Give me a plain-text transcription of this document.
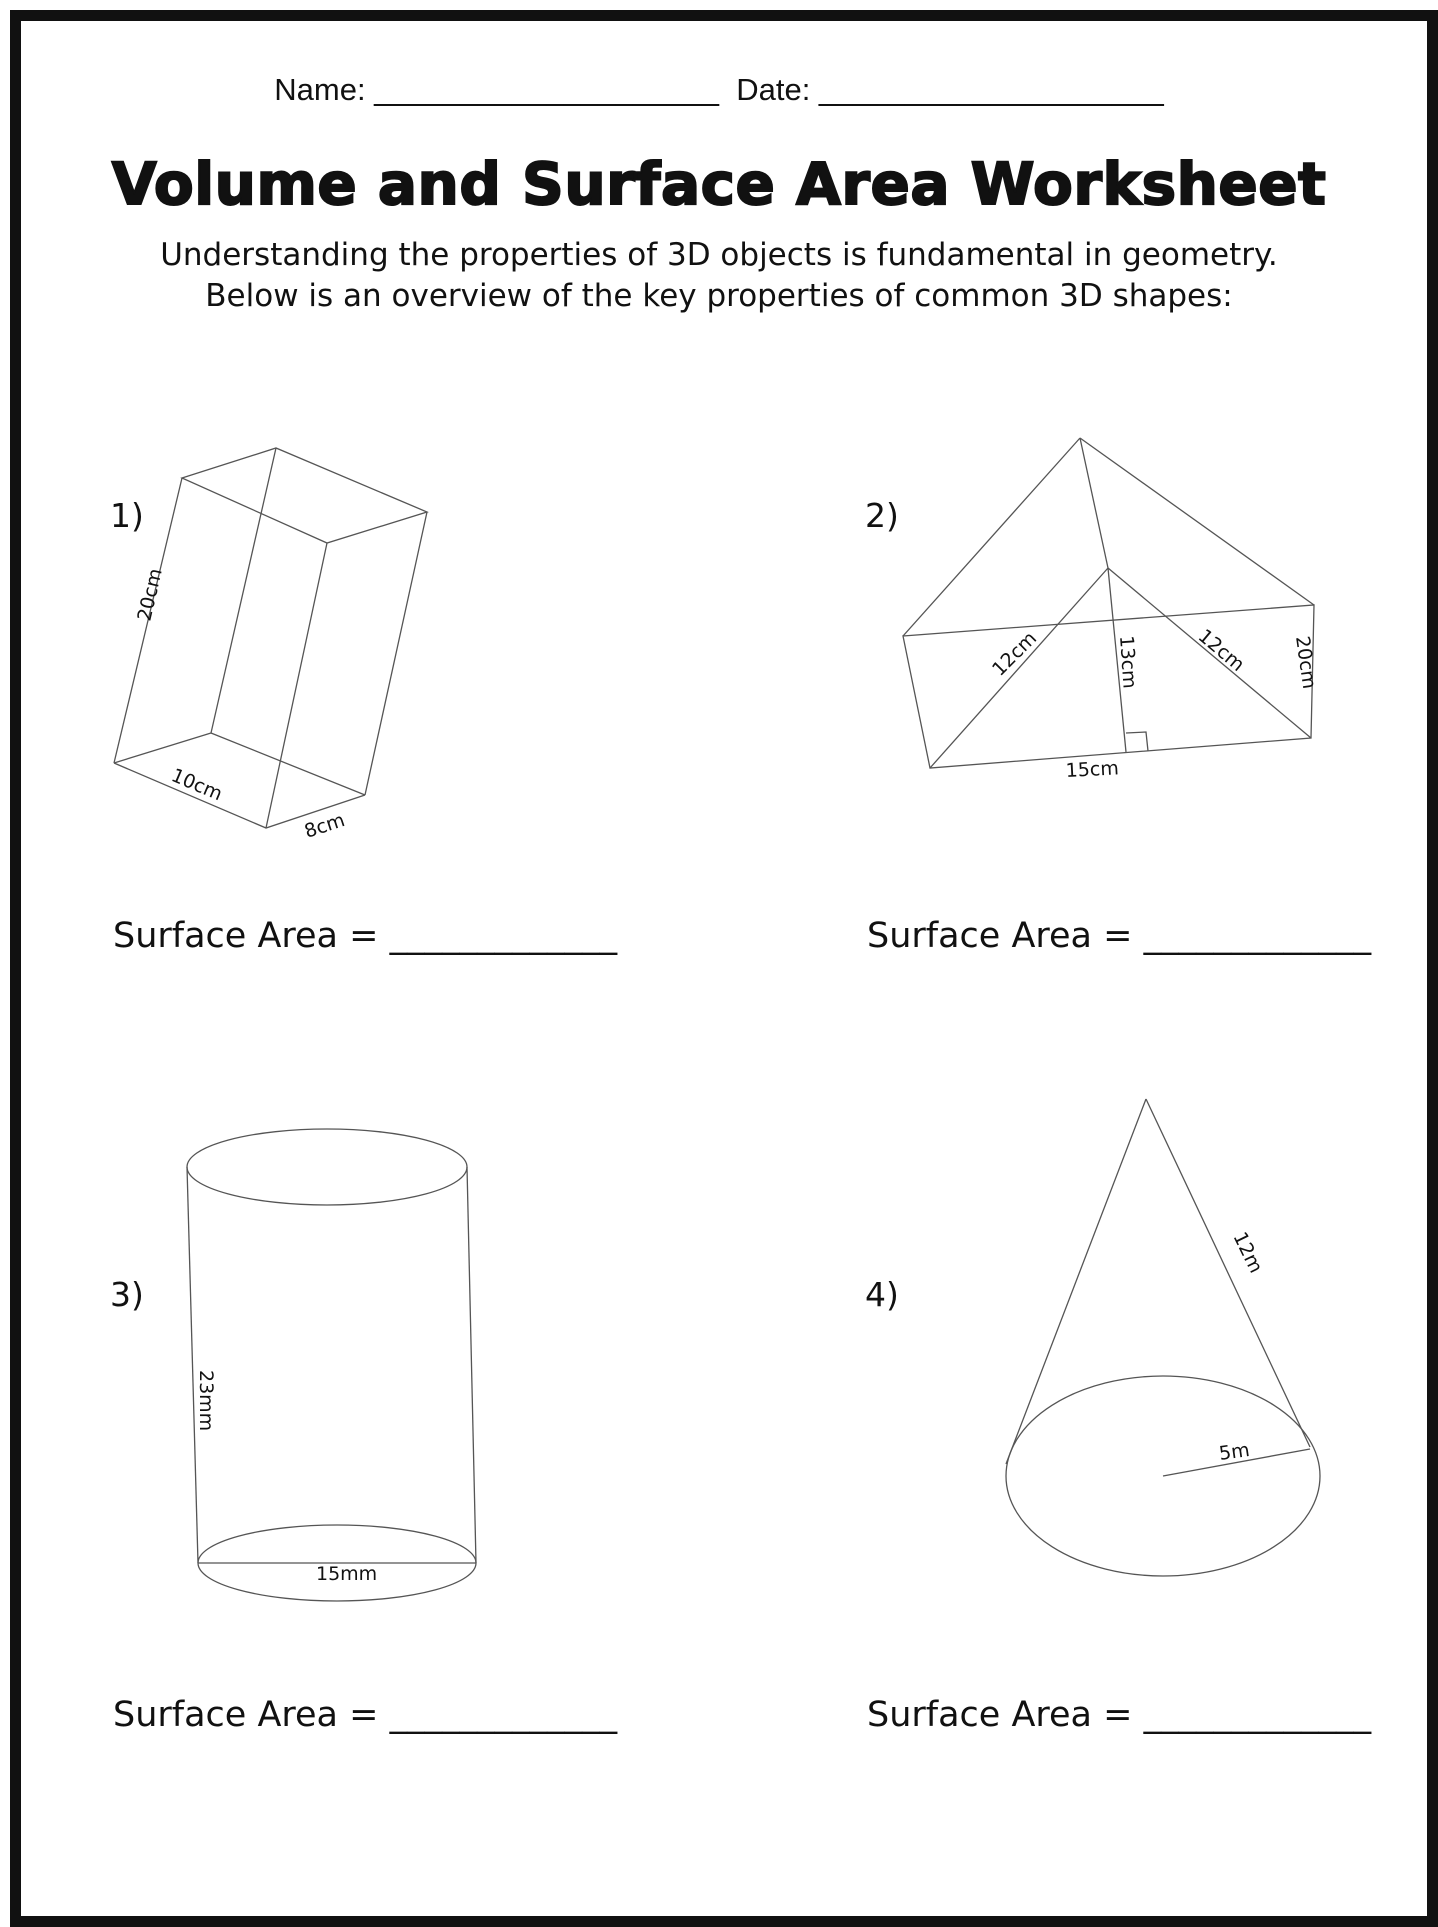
Name: ____________________ Date: ____________________
Volume and Surface Area Worksheet
Understanding the properties of 3D objects is fundamental in geometry.
Below is an overview of the key properties of common 3D shapes:
1)	2)
3)	4)
Surface Area = _____________	Surface Area = _____________
Surface Area = _____________	Surface Area = _____________
20cm
10cm
8cm
12cm	13cm	12cm 20cm
15cm
23mm
15mm
12m
5m
